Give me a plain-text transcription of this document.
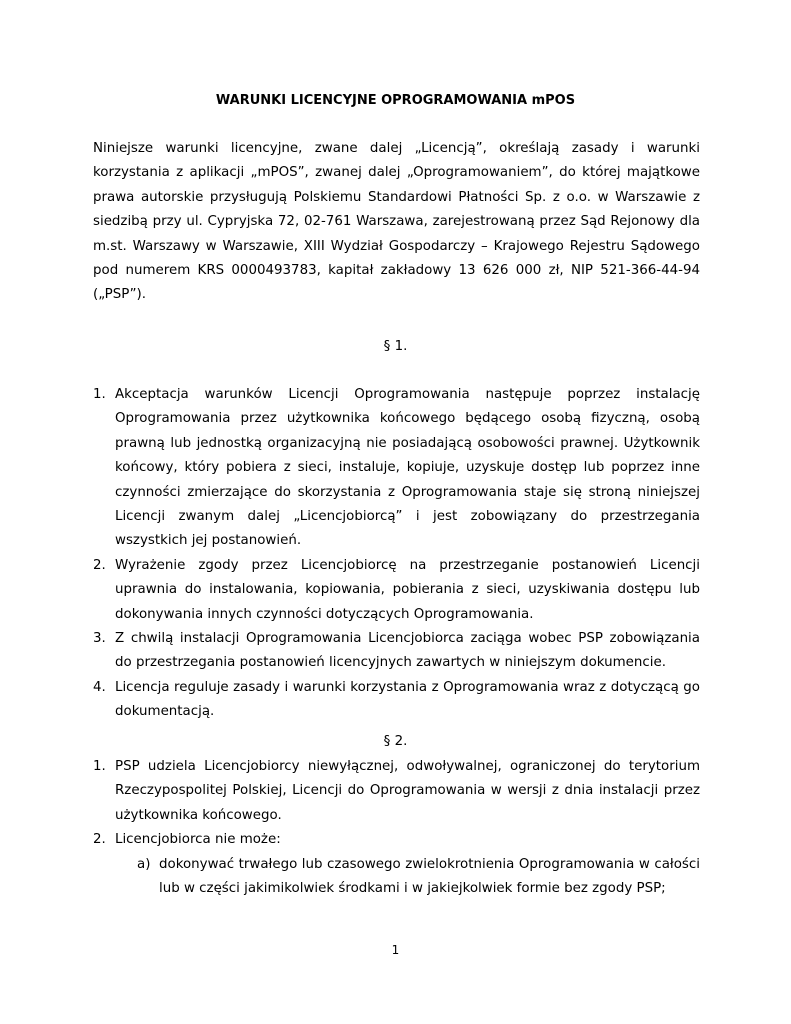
WARUNKI LICENCYJNE OPROGRAMOWANIA mPOS

Niniejsze warunki licencyjne, zwane dalej „Licencją”, określają zasady i warunki korzystania z aplikacji „mPOS”, zwanej dalej „Oprogramowaniem”, do której majątkowe prawa autorskie przysługują Polskiemu Standardowi Płatności Sp. z o.o. w Warszawie z siedzibą przy ul. Cypryjska 72, 02-761 Warszawa, zarejestrowaną przez Sąd Rejonowy dla m.st. Warszawy w Warszawie, XIII Wydział Gospodarczy – Krajowego Rejestru Sądowego pod numerem KRS 0000493783, kapitał zakładowy 13 626 000 zł, NIP 521-366-44-94 („PSP”).

§ 1.
1. Akceptacja warunków Licencji Oprogramowania następuje poprzez instalację Oprogramowania przez użytkownika końcowego będącego osobą fizyczną, osobą prawną lub jednostką organizacyjną nie posiadającą osobowości prawnej. Użytkownik końcowy, który pobiera z sieci, instaluje, kopiuje, uzyskuje dostęp lub poprzez inne czynności zmierzające do skorzystania z Oprogramowania staje się stroną niniejszej Licencji zwanym dalej „Licencjobiorcą” i jest zobowiązany do przestrzegania wszystkich jej postanowień.
2. Wyrażenie zgody przez Licencjobiorcę na przestrzeganie postanowień Licencji uprawnia do instalowania, kopiowania, pobierania z sieci, uzyskiwania dostępu lub dokonywania innych czynności dotyczących Oprogramowania.
3. Z chwilą instalacji Oprogramowania Licencjobiorca zaciąga wobec PSP zobowiązania do przestrzegania postanowień licencyjnych zawartych w niniejszym dokumencie.
4. Licencja reguluje zasady i warunki korzystania z Oprogramowania wraz z dotyczącą go dokumentacją.
§ 2.
1. PSP udziela Licencjobiorcy niewyłącznej, odwoływalnej, ograniczonej do terytorium Rzeczypospolitej Polskiej, Licencji do Oprogramowania w wersji z dnia instalacji przez użytkownika końcowego.
2. Licencjobiorca nie może:
a) dokonywać trwałego lub czasowego zwielokrotnienia Oprogramowania w całości lub w części jakimikolwiek środkami i w jakiejkolwiek formie bez zgody PSP;
1
